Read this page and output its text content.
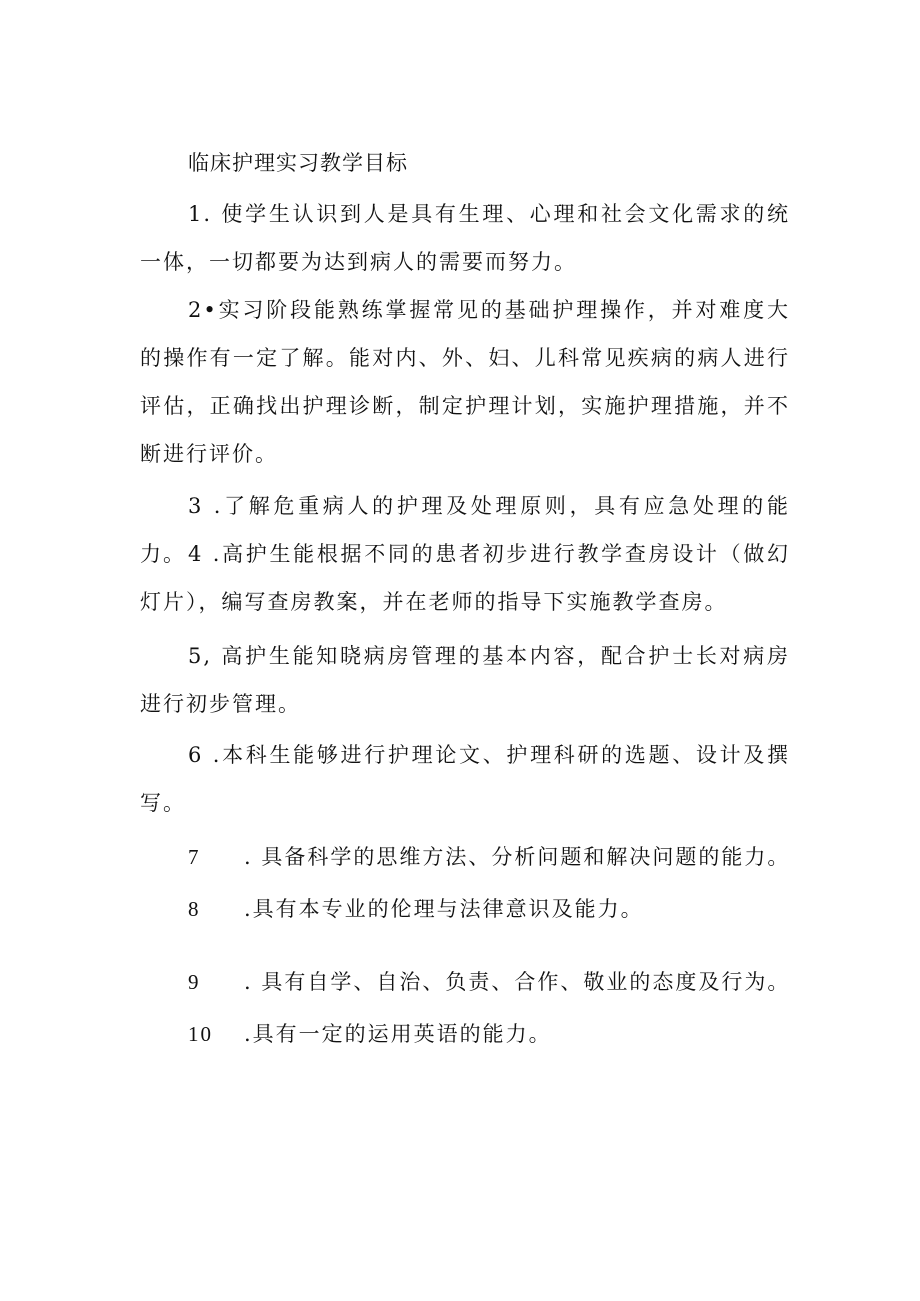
临床护理实习教学目标
1. 使学生认识到人是具有生理、心理和社会文化需求的统一体，一切都要为达到病人的需要而努力。
2•实习阶段能熟练掌握常见的基础护理操作，并对难度大的操作有一定了解。能对内、外、妇、儿科常见疾病的病人进行评估，正确找出护理诊断，制定护理计划，实施护理措施，并不断进行评价。
3 .了解危重病人的护理及处理原则，具有应急处理的能力。 4 .高护生能根据不同的患者初步进行教学查房设计（做幻灯片），编写查房教案，并在老师的指导下实施教学查房。
5, 高护生能知晓病房管理的基本内容，配合护士长对病房进行初步管理。
6 .本科生能够进行护理论文、护理科研的选题、设计及撰写。
7 . 具备科学的思维方法、分析问题和解决问题的能力。
8 .具有本专业的伦理与法律意识及能力。
9 . 具有自学、自治、负责、合作、敬业的态度及行为。
10 .具有一定的运用英语的能力。
